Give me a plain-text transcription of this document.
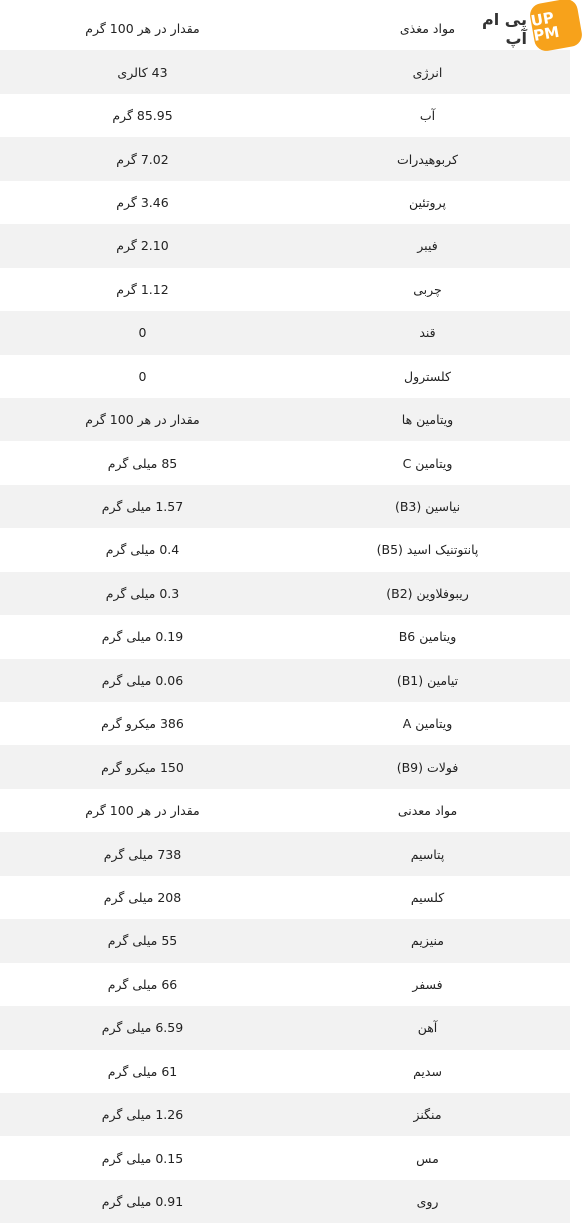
مواد مغذی
مقدار در هر 100 گرم
انرژی
43 کالری
آب
85.95 گرم
کربوهیدرات
7.02 گرم
پروتئین
3.46 گرم
فیبر
2.10 گرم
چربی
1.12 گرم
قند
0
کلسترول
0
ویتامین ها
مقدار در هر 100 گرم
ویتامین C
85 میلی گرم
نیاسین (B3)
1.57 میلی گرم
پانتوتنیک اسید (B5)
0.4 میلی گرم
ریبوفلاوین (B2)
0.3 میلی گرم
ویتامین B6
0.19 میلی گرم
تیامین (B1)
0.06 میلی گرم
ویتامین A
386 میکرو گرم
فولات (B9)
150 میکرو گرم
مواد معدنی
مقدار در هر 100 گرم
پتاسیم
738 میلی گرم
کلسیم
208 میلی گرم
منیزیم
55 میلی گرم
فسفر
66 میلی گرم
آهن
6.59 میلی گرم
سدیم
61 میلی گرم
منگنز
1.26 میلی گرم
مس
0.15 میلی گرم
روی
0.91 میلی گرم
پی ام آپ
UP PM
